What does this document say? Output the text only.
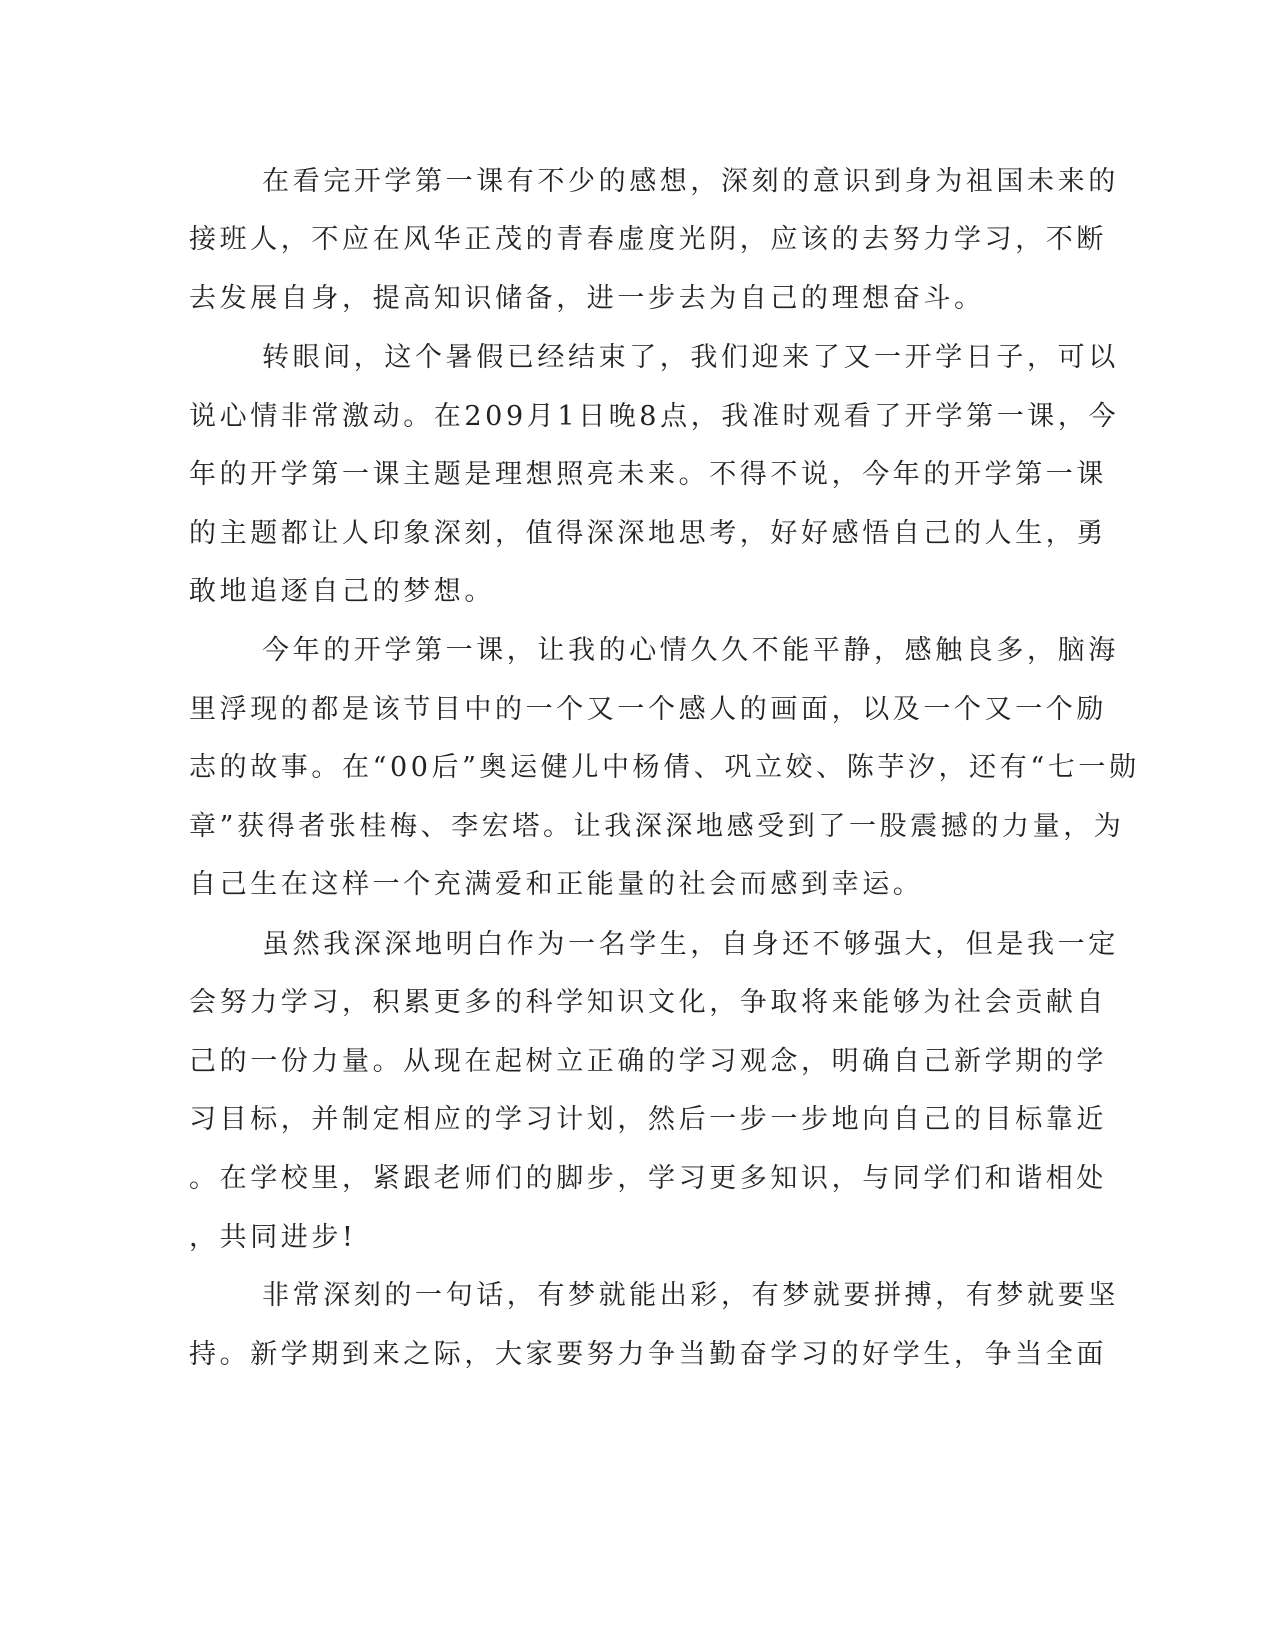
在看完开学第一课有不少的感想，深刻的意识到身为祖国未来的
接班人，不应在风华正茂的青春虚度光阴，应该的去努力学习，不断
去发展自身，提高知识储备，进一步去为自己的理想奋斗。
转眼间，这个暑假已经结束了，我们迎来了又一开学日子，可以
说心情非常激动。在209月1日晚8点，我准时观看了开学第一课，今
年的开学第一课主题是理想照亮未来。不得不说，今年的开学第一课
的主题都让人印象深刻，值得深深地思考，好好感悟自己的人生，勇
敢地追逐自己的梦想。
今年的开学第一课，让我的心情久久不能平静，感触良多，脑海
里浮现的都是该节目中的一个又一个感人的画面，以及一个又一个励
志的故事。在“00后”奥运健儿中杨倩、巩立姣、陈芋汐，还有“七一勋
章”获得者张桂梅、李宏塔。让我深深地感受到了一股震撼的力量，为
自己生在这样一个充满爱和正能量的社会而感到幸运。
虽然我深深地明白作为一名学生，自身还不够强大，但是我一定
会努力学习，积累更多的科学知识文化，争取将来能够为社会贡献自
己的一份力量。从现在起树立正确的学习观念，明确自己新学期的学
习目标，并制定相应的学习计划，然后一步一步地向自己的目标靠近
。在学校里，紧跟老师们的脚步，学习更多知识，与同学们和谐相处
，共同进步!
非常深刻的一句话，有梦就能出彩，有梦就要拼搏，有梦就要坚
持。新学期到来之际，大家要努力争当勤奋学习的好学生，争当全面
